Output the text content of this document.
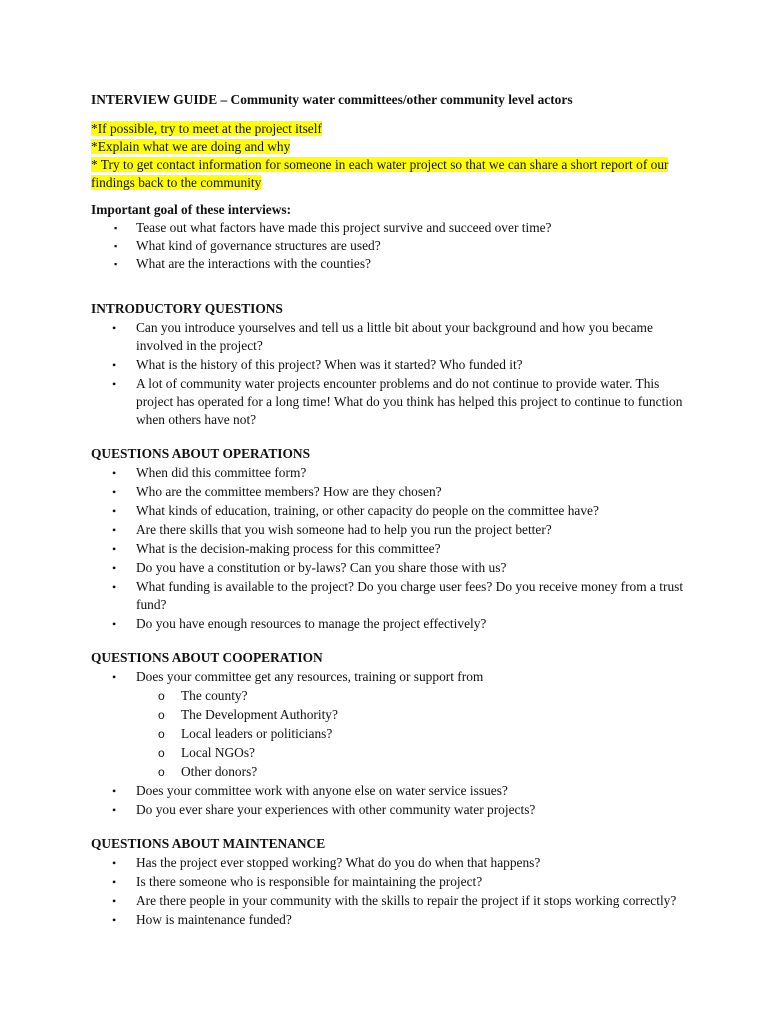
INTERVIEW GUIDE – Community water committees/other community level actors
*If possible, try to meet at the project itself
*Explain what we are doing and why
* Try to get contact information for someone in each water project so that we can share a short report of our findings back to the community
Important goal of these interviews:
▪ Tease out what factors have made this project survive and succeed over time?
▪ What kind of governance structures are used?
▪ What are the interactions with the counties?
INTRODUCTORY QUESTIONS
• Can you introduce yourselves and tell us a little bit about your background and how you became involved in the project?
• What is the history of this project? When was it started? Who funded it?
• A lot of community water projects encounter problems and do not continue to provide water. This project has operated for a long time! What do you think has helped this project to continue to function when others have not?
QUESTIONS ABOUT OPERATIONS
• When did this committee form?
• Who are the committee members? How are they chosen?
• What kinds of education, training, or other capacity do people on the committee have?
• Are there skills that you wish someone had to help you run the project better?
• What is the decision-making process for this committee?
• Do you have a constitution or by-laws? Can you share those with us?
• What funding is available to the project? Do you charge user fees? Do you receive money from a trust fund?
• Do you have enough resources to manage the project effectively?
QUESTIONS ABOUT COOPERATION
• Does your committee get any resources, training or support from
o The county?
o The Development Authority?
o Local leaders or politicians?
o Local NGOs?
o Other donors?
• Does your committee work with anyone else on water service issues?
• Do you ever share your experiences with other community water projects?
QUESTIONS ABOUT MAINTENANCE
• Has the project ever stopped working? What do you do when that happens?
• Is there someone who is responsible for maintaining the project?
• Are there people in your community with the skills to repair the project if it stops working correctly?
• How is maintenance funded?
